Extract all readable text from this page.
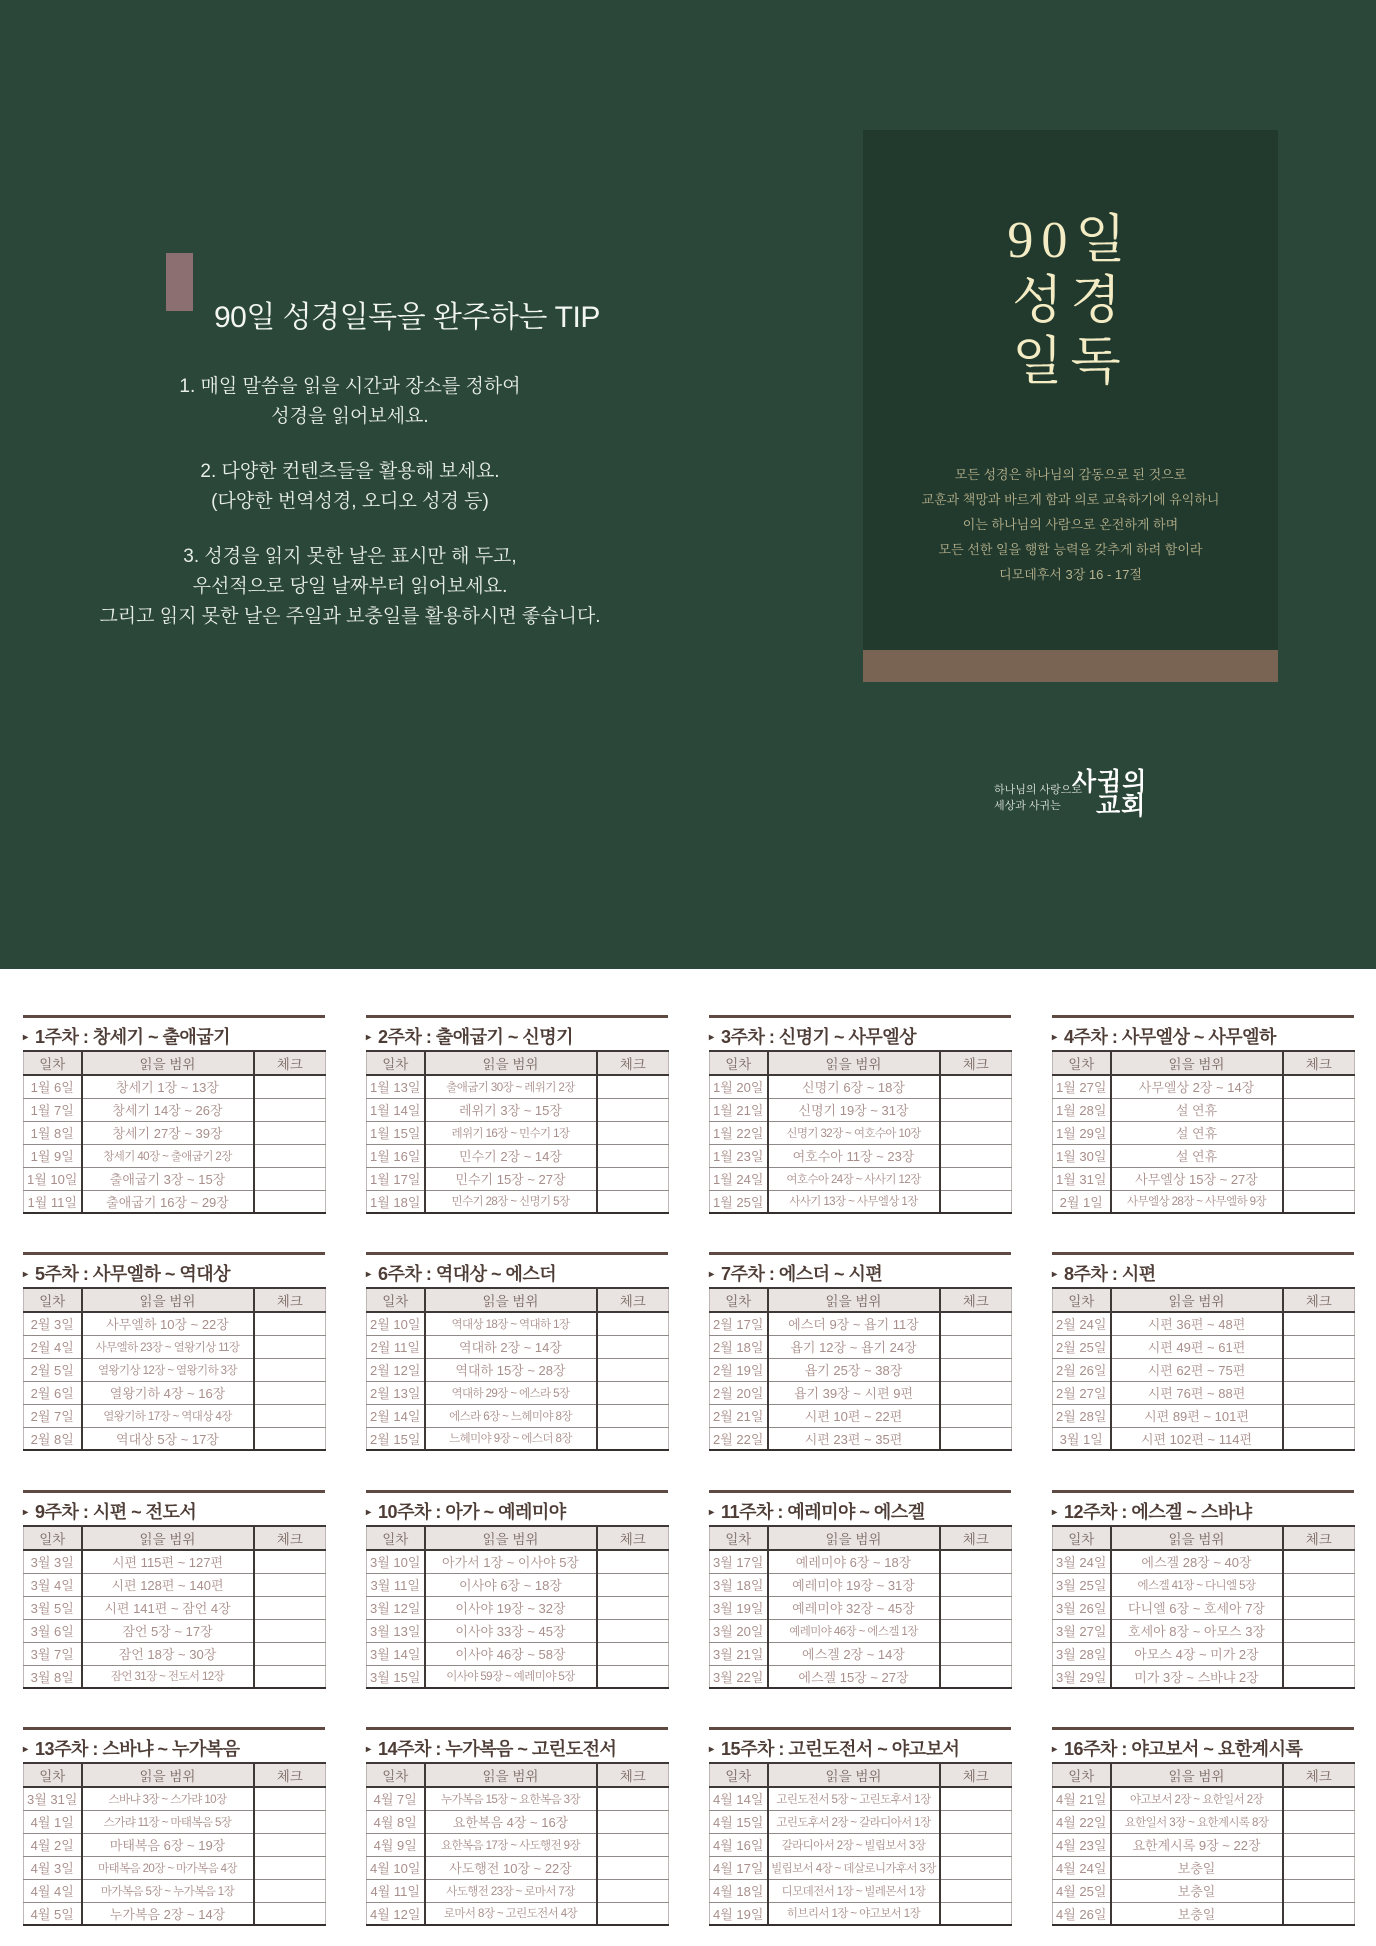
90일 성경일독을 완주하는 TIP
1. 매일 말씀을 읽을 시간과 장소를 정하여
성경을 읽어보세요.
2. 다양한 컨텐츠들을 활용해 보세요.
(다양한 번역성경, 오디오 성경 등)
3. 성경을 읽지 못한 날은 표시만 해 두고,
우선적으로 당일 날짜부터 읽어보세요.
그리고 읽지 못한 날은 주일과 보충일를 활용하시면 좋습니다.
90일
성경
일독
모든 성경은 하나님의 감동으로 된 것으로
교훈과 책망과 바르게 함과 의로 교육하기에 유익하니
이는 하나님의 사람으로 온전하게 하며
모든 선한 일을 행할 능력을 갖추게 하려 함이라
디모데후서 3장 16 - 17절
하나님의 사랑으로
세상과 사귀는
사귐의
교회
▸ 1주차 : 창세기 ~ 출애굽기
일차	읽을 범위	체크
1월 6일	창세기 1장 ~ 13장	
1월 7일	창세기 14장 ~ 26장	
1월 8일	창세기 27장 ~ 39장	
1월 9일	창세기 40장 ~ 출애굽기 2장	
1월 10일	출애굽기 3장 ~ 15장	
1월 11일	출애굽기 16장 ~ 29장	
▸ 2주차 : 출애굽기 ~ 신명기
일차	읽을 범위	체크
1월 13일	출애굽기 30장 ~ 레위기 2장	
1월 14일	레위기 3장 ~ 15장	
1월 15일	레위기 16장 ~ 민수기 1장	
1월 16일	민수기 2장 ~ 14장	
1월 17일	민수기 15장 ~ 27장	
1월 18일	민수기 28장 ~ 신명기 5장	
▸ 3주차 : 신명기 ~ 사무엘상
일차	읽을 범위	체크
1월 20일	신명기 6장 ~ 18장	
1월 21일	신명기 19장 ~ 31장	
1월 22일	신명기 32장 ~ 여호수아 10장	
1월 23일	여호수아 11장 ~ 23장	
1월 24일	여호수아 24장 ~ 사사기 12장	
1월 25일	사사기 13장 ~ 사무엘상 1장	
▸ 4주차 : 사무엘상 ~ 사무엘하
일차	읽을 범위	체크
1월 27일	사무엘상 2장 ~ 14장	
1월 28일	설 연휴	
1월 29일	설 연휴	
1월 30일	설 연휴	
1월 31일	사무엘상 15장 ~ 27장	
2월 1일	사무엘상 28장 ~ 사무엘하 9장	
▸ 5주차 : 사무엘하 ~ 역대상
일차	읽을 범위	체크
2월 3일	사무엘하 10장 ~ 22장	
2월 4일	사무엘하 23장 ~ 열왕기상 11장	
2월 5일	열왕기상 12장 ~ 열왕기하 3장	
2월 6일	열왕기하 4장 ~ 16장	
2월 7일	열왕기하 17장 ~ 역대상 4장	
2월 8일	역대상 5장 ~ 17장	
▸ 6주차 : 역대상 ~ 에스더
일차	읽을 범위	체크
2월 10일	역대상 18장 ~ 역대하 1장	
2월 11일	역대하 2장 ~ 14장	
2월 12일	역대하 15장 ~ 28장	
2월 13일	역대하 29장 ~ 에스라 5장	
2월 14일	에스라 6장 ~ 느헤미야 8장	
2월 15일	느헤미야 9장 ~ 에스더 8장	
▸ 7주차 : 에스더 ~ 시편
일차	읽을 범위	체크
2월 17일	에스더 9장 ~ 욥기 11장	
2월 18일	욥기 12장 ~ 욥기 24장	
2월 19일	욥기 25장 ~ 38장	
2월 20일	욥기 39장 ~ 시편 9편	
2월 21일	시편 10편 ~ 22편	
2월 22일	시편 23편 ~ 35편	
▸ 8주차 : 시편
일차	읽을 범위	체크
2월 24일	시편 36편 ~ 48편	
2월 25일	시편 49편 ~ 61편	
2월 26일	시편 62편 ~ 75편	
2월 27일	시편 76편 ~ 88편	
2월 28일	시편 89편 ~ 101편	
3월 1일	시편 102편 ~ 114편	
▸ 9주차 : 시편 ~ 전도서
일차	읽을 범위	체크
3월 3일	시편 115편 ~ 127편	
3월 4일	시편 128편 ~ 140편	
3월 5일	시편 141편 ~ 잠언 4장	
3월 6일	잠언 5장 ~ 17장	
3월 7일	잠언 18장 ~ 30장	
3월 8일	잠언 31장 ~ 전도서 12장	
▸ 10주차 : 아가 ~ 예레미야
일차	읽을 범위	체크
3월 10일	아가서 1장 ~ 이사야 5장	
3월 11일	이사야 6장 ~ 18장	
3월 12일	이사야 19장 ~ 32장	
3월 13일	이사야 33장 ~ 45장	
3월 14일	이사야 46장 ~ 58장	
3월 15일	이사야 59장 ~ 예레미야 5장	
▸ 11주차 : 예레미야 ~ 에스겔
일차	읽을 범위	체크
3월 17일	예레미야 6장 ~ 18장	
3월 18일	예레미야 19장 ~ 31장	
3월 19일	예레미야 32장 ~ 45장	
3월 20일	예레미야 46장 ~ 에스겔 1장	
3월 21일	에스겔 2장 ~ 14장	
3월 22일	에스겔 15장 ~ 27장	
▸ 12주차 : 에스겔 ~ 스바냐
일차	읽을 범위	체크
3월 24일	에스겔 28장 ~ 40장	
3월 25일	에스겔 41장 ~ 다니엘 5장	
3월 26일	다니엘 6장 ~ 호세아 7장	
3월 27일	호세아 8장 ~ 아모스 3장	
3월 28일	아모스 4장 ~ 미가 2장	
3월 29일	미가 3장 ~ 스바냐 2장	
▸ 13주차 : 스바냐 ~ 누가복음
일차	읽을 범위	체크
3월 31일	스바냐 3장 ~ 스가랴 10장	
4월 1일	스가랴 11장 ~ 마태복음 5장	
4월 2일	마태복음 6장 ~ 19장	
4월 3일	마태복음 20장 ~ 마가복음 4장	
4월 4일	마가복음 5장 ~ 누가복음 1장	
4월 5일	누가복음 2장 ~ 14장	
▸ 14주차 : 누가복음 ~ 고린도전서
일차	읽을 범위	체크
4월 7일	누가복음 15장 ~ 요한복음 3장	
4월 8일	요한복음 4장 ~ 16장	
4월 9일	요한복음 17장 ~ 사도행전 9장	
4월 10일	사도행전 10장 ~ 22장	
4월 11일	사도행전 23장 ~ 로마서 7장	
4월 12일	로마서 8장 ~ 고린도전서 4장	
▸ 15주차 : 고린도전서 ~ 야고보서
일차	읽을 범위	체크
4월 14일	고린도전서 5장 ~ 고린도후서 1장	
4월 15일	고린도후서 2장 ~ 갈라디아서 1장	
4월 16일	갈라디아서 2장 ~ 빌립보서 3장	
4월 17일	빌립보서 4장 ~ 데살로니가후서 3장	
4월 18일	디모데전서 1장 ~ 빌레몬서 1장	
4월 19일	히브리서 1장 ~ 야고보서 1장	
▸ 16주차 : 야고보서 ~ 요한계시록
일차	읽을 범위	체크
4월 21일	야고보서 2장 ~ 요한일서 2장	
4월 22일	요한일서 3장 ~ 요한계시록 8장	
4월 23일	요한계시록 9장 ~ 22장	
4월 24일	보충일	
4월 25일	보충일	
4월 26일	보충일	
